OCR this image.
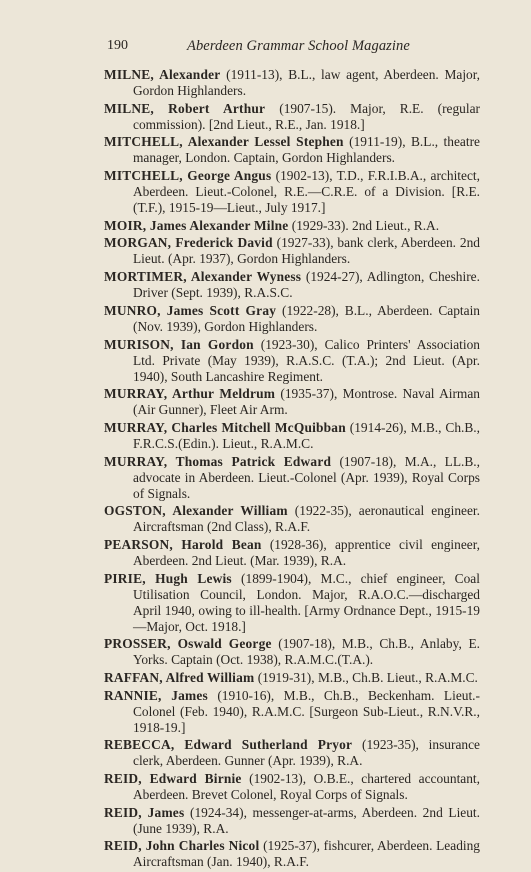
190	Aberdeen Grammar School Magazine

MILNE, Alexander (1911-13), B.L., law agent, Aberdeen. Major, Gordon Highlanders.

MILNE, Robert Arthur (1907-15). Major, R.E. (regular commission). [2nd Lieut., R.E., Jan. 1918.]

MITCHELL, Alexander Lessel Stephen (1911-19), B.L., theatre manager, London. Captain, Gordon Highlanders.

MITCHELL, George Angus (1902-13), T.D., F.R.I.B.A., architect, Aberdeen. Lieut.-Colonel, R.E.—C.R.E. of a Division. [R.E. (T.F.), 1915-19—Lieut., July 1917.]

MOIR, James Alexander Milne (1929-33). 2nd Lieut., R.A.

MORGAN, Frederick David (1927-33), bank clerk, Aberdeen. 2nd Lieut. (Apr. 1937), Gordon Highlanders.

MORTIMER, Alexander Wyness (1924-27), Adlington, Cheshire. Driver (Sept. 1939), R.A.S.C.

MUNRO, James Scott Gray (1922-28), B.L., Aberdeen. Captain (Nov. 1939), Gordon Highlanders.

MURISON, Ian Gordon (1923-30), Calico Printers' Association Ltd. Private (May 1939), R.A.S.C. (T.A.); 2nd Lieut. (Apr. 1940), South Lancashire Regiment.

MURRAY, Arthur Meldrum (1935-37), Montrose. Naval Airman (Air Gunner), Fleet Air Arm.

MURRAY, Charles Mitchell McQuibban (1914-26), M.B., Ch.B., F.R.C.S.(Edin.). Lieut., R.A.M.C.

MURRAY, Thomas Patrick Edward (1907-18), M.A., LL.B., advocate in Aberdeen. Lieut.-Colonel (Apr. 1939), Royal Corps of Signals.

OGSTON, Alexander William (1922-35), aeronautical engineer. Aircraftsman (2nd Class), R.A.F.

PEARSON, Harold Bean (1928-36), apprentice civil engineer, Aberdeen. 2nd Lieut. (Mar. 1939), R.A.

PIRIE, Hugh Lewis (1899-1904), M.C., chief engineer, Coal Utilisation Council, London. Major, R.A.O.C.—discharged April 1940, owing to ill-health. [Army Ordnance Dept., 1915-19—Major, Oct. 1918.]

PROSSER, Oswald George (1907-18), M.B., Ch.B., Anlaby, E. Yorks. Captain (Oct. 1938), R.A.M.C.(T.A.).

RAFFAN, Alfred William (1919-31), M.B., Ch.B. Lieut., R.A.M.C.

RANNIE, James (1910-16), M.B., Ch.B., Beckenham. Lieut.-Colonel (Feb. 1940), R.A.M.C. [Surgeon Sub-Lieut., R.N.V.R., 1918-19.]

REBECCA, Edward Sutherland Pryor (1923-35), insurance clerk, Aberdeen. Gunner (Apr. 1939), R.A.

REID, Edward Birnie (1902-13), O.B.E., chartered accountant, Aberdeen. Brevet Colonel, Royal Corps of Signals.

REID, James (1924-34), messenger-at-arms, Aberdeen. 2nd Lieut. (June 1939), R.A.

REID, John Charles Nicol (1925-37), fishcurer, Aberdeen. Leading Aircraftsman (Jan. 1940), R.A.F.
